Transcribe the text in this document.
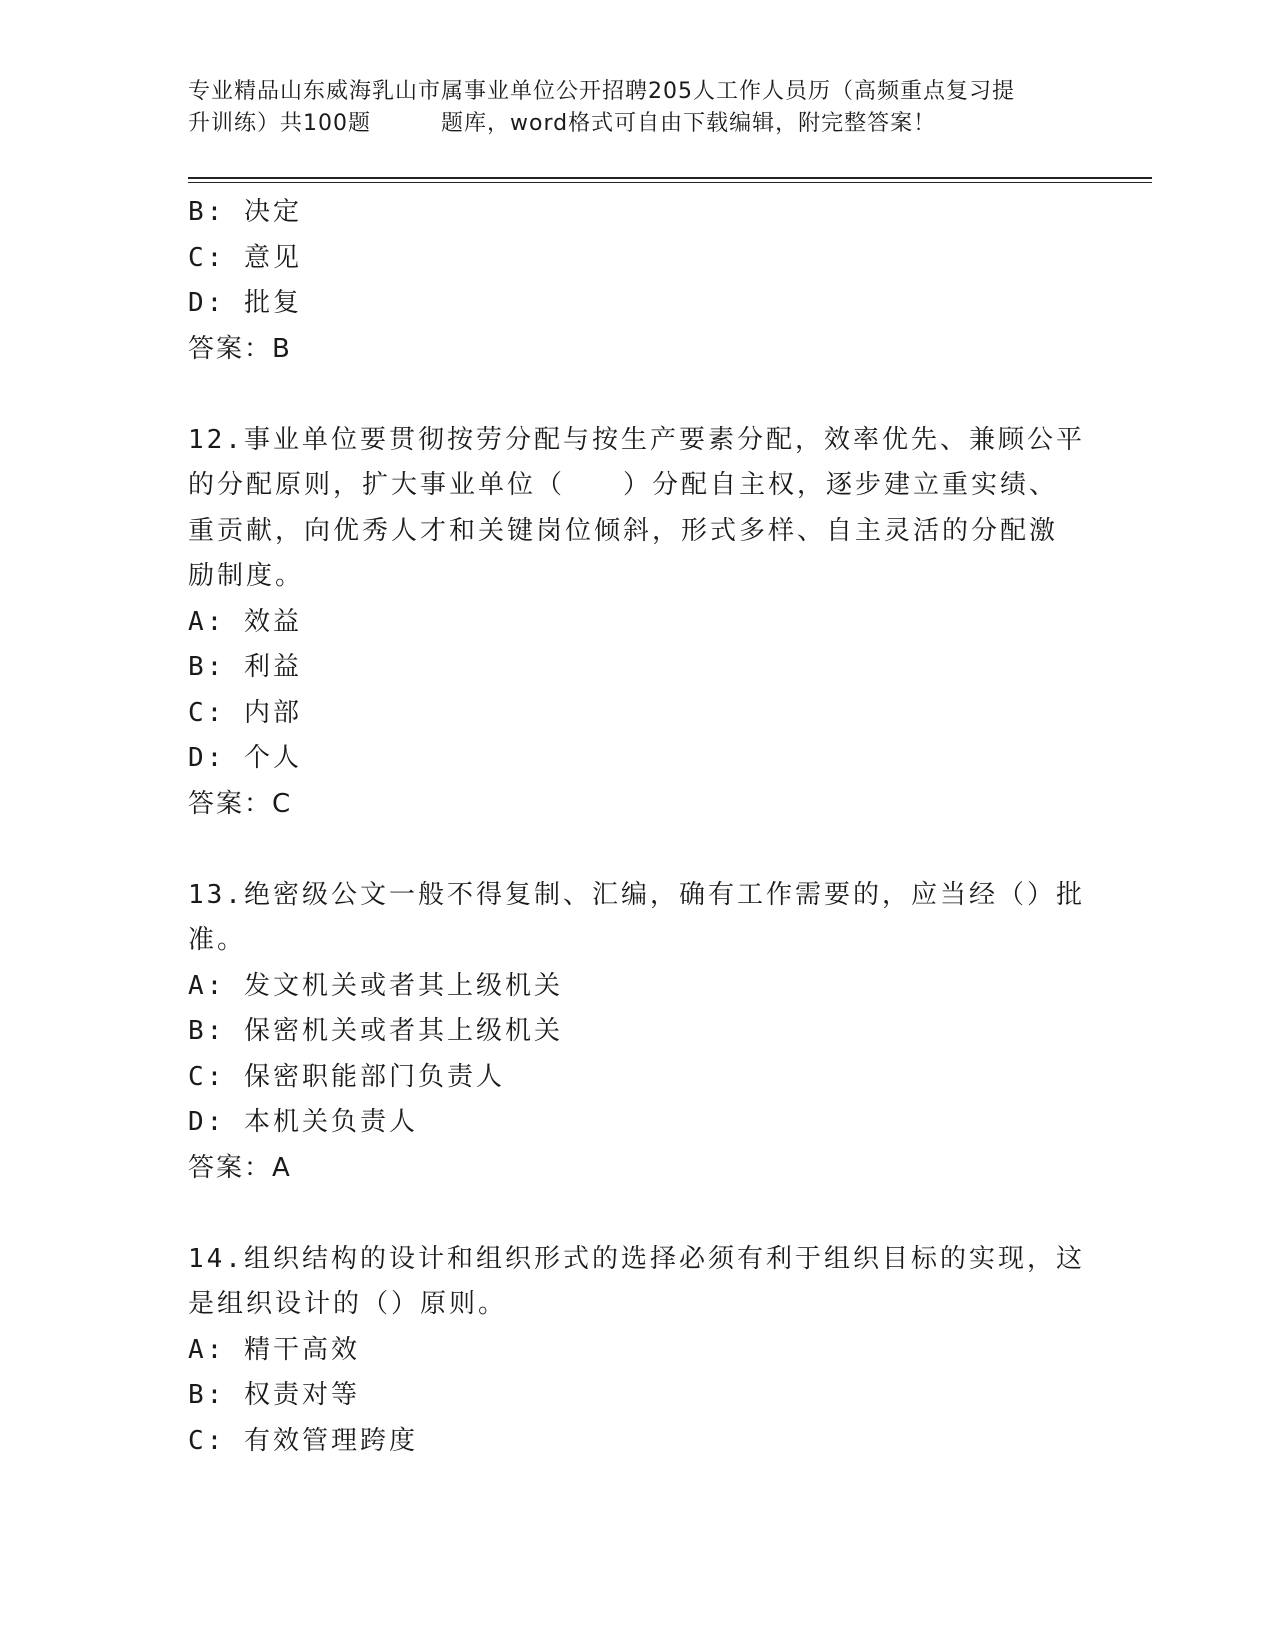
专业精品山东威海乳山市属事业单位公开招聘205人工作人员历（高频重点复习提
升训练）共100题	题库，word格式可自由下载编辑，附完整答案！
B: 决定
C: 意见
D: 批复
答案：B
12.事业单位要贯彻按劳分配与按生产要素分配，效率优先、兼顾公平
的分配原则，扩大事业单位（　　）分配自主权，逐步建立重实绩、
重贡献，向优秀人才和关键岗位倾斜，形式多样、自主灵活的分配激
励制度。
A: 效益
B: 利益
C: 内部
D: 个人
答案：C
13.绝密级公文一般不得复制、汇编，确有工作需要的，应当经（）批
准。
A: 发文机关或者其上级机关
B: 保密机关或者其上级机关
C: 保密职能部门负责人
D: 本机关负责人
答案：A
14.组织结构的设计和组织形式的选择必须有利于组织目标的实现，这
是组织设计的（）原则。
A: 精干高效
B: 权责对等
C: 有效管理跨度
